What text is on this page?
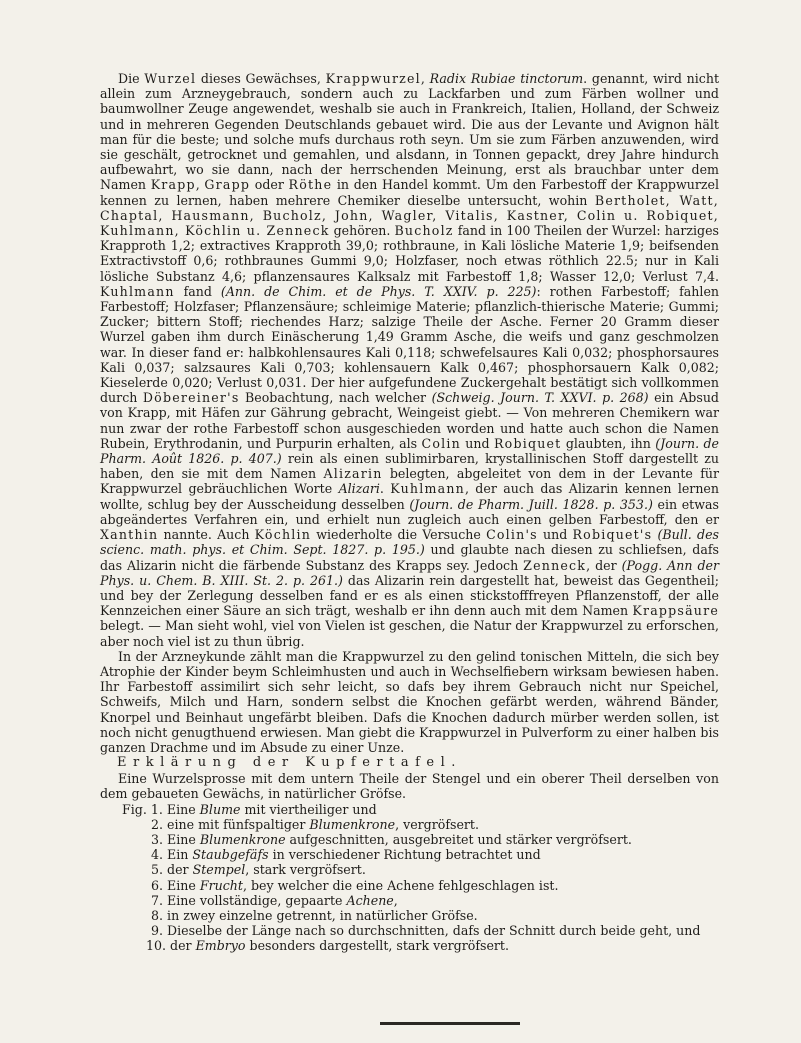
Die Wurzel dieses Gewächses, Krappwurzel, Radix Rubiae tinctorum. genannt, wird nicht allein zum Arzneygebrauch, sondern auch zu Lackfarben und zum Färben wollner und baumwollner Zeuge angewendet, weshalb sie auch in Frankreich, Italien, Holland, der Schweiz und in mehreren Gegenden Deutschlands gebauet wird. Die aus der Levante und Avignon hält man für die beste; und solche mufs durchaus roth seyn. Um sie zum Färben anzuwenden, wird sie geschält, getrocknet und gemahlen, und alsdann, in Tonnen gepackt, drey Jahre hindurch aufbewahrt, wo sie dann, nach der herrschenden Meinung, erst als brauchbar unter dem Namen Krapp, Grapp oder Röthe in den Handel kommt. Um den Farbestoff der Krappwurzel kennen zu lernen, haben mehrere Chemiker dieselbe untersucht, wohin Bertholet, Watt, Chaptal, Hausmann, Bucholz, John, Wagler, Vitalis, Kastner, Colin u. Robiquet, Kuhlmann, Köchlin u. Zenneck gehören. Bucholz fand in 100 Theilen der Wurzel: harziges Krapproth 1,2; extractives Krapproth 39,0; rothbraune, in Kali lösliche Materie 1,9; beifsenden Extractivstoff 0,6; rothbraunes Gummi 9,0; Holzfaser, noch etwas röthlich 22.5; nur in Kali lösliche Substanz 4,6; pflanzensaures Kalksalz mit Farbestoff 1,8; Wasser 12,0; Verlust 7,4. Kuhlmann fand (Ann. de Chim. et de Phys. T. XXIV. p. 225): rothen Farbestoff; fahlen Farbestoff; Holzfaser; Pflanzensäure; schleimige Materie; pflanzlich-thierische Materie; Gummi; Zucker; bittern Stoff; riechendes Harz; salzige Theile der Asche. Ferner 20 Gramm dieser Wurzel gaben ihm durch Einäscherung 1,49 Gramm Asche, die weifs und ganz geschmolzen war. In dieser fand er: halbkohlensaures Kali 0,118; schwefelsaures Kali 0,032; phosphorsaures Kali 0,037; salzsaures Kali 0,703; kohlensauern Kalk 0,467; phosphorsauern Kalk 0,082; Kieselerde 0,020; Verlust 0,031. Der hier aufgefundene Zuckergehalt bestätigt sich vollkommen durch Döbereiner's Beobachtung, nach welcher (Schweig. Journ. T. XXVI. p. 268) ein Absud von Krapp, mit Häfen zur Gährung gebracht, Weingeist giebt. — Von mehreren Chemikern war nun zwar der rothe Farbestoff schon ausgeschieden worden und hatte auch schon die Namen Rubein, Erythrodanin, und Purpurin erhalten, als Colin und Robiquet glaubten, ihn (Journ. de Pharm. Août 1826. p. 407.) rein als einen sublimirbaren, krystallinischen Stoff dargestellt zu haben, den sie mit dem Namen Alizarin belegten, abgeleitet von dem in der Levante für Krappwurzel gebräuchlichen Worte Alizari. Kuhlmann, der auch das Alizarin kennen lernen wollte, schlug bey der Ausscheidung desselben (Journ. de Pharm. Juill. 1828. p. 353.) ein etwas abgeändertes Verfahren ein, und erhielt nun zugleich auch einen gelben Farbestoff, den er Xanthin nannte. Auch Köchlin wiederholte die Versuche Colin's und Robiquet's (Bull. des scienc. math. phys. et Chim. Sept. 1827. p. 195.) und glaubte nach diesen zu schliefsen, dafs das Alizarin nicht die färbende Substanz des Krapps sey. Jedoch Zenneck, der (Pogg. Ann der Phys. u. Chem. B. XIII. St. 2. p. 261.) das Alizarin rein dargestellt hat, beweist das Gegentheil; und bey der Zerlegung desselben fand er es als einen stickstofffreyen Pflanzenstoff, der alle Kennzeichen einer Säure an sich trägt, weshalb er ihn denn auch mit dem Namen Krappsäure belegt. — Man sieht wohl, viel von Vielen ist geschen, die Natur der Krappwurzel zu erforschen, aber noch viel ist zu thun übrig.

In der Arzneykunde zählt man die Krappwurzel zu den gelind tonischen Mitteln, die sich bey Atrophie der Kinder beym Schleimhusten und auch in Wechselfiebern wirksam bewiesen haben. Ihr Farbestoff assimilirt sich sehr leicht, so dafs bey ihrem Gebrauch nicht nur Speichel, Schweifs, Milch und Harn, sondern selbst die Knochen gefärbt werden, während Bänder, Knorpel und Beinhaut ungefärbt bleiben. Dafs die Knochen dadurch mürber werden sollen, ist noch nicht genugthuend erwiesen. Man giebt die Krappwurzel in Pulverform zu einer halben bis ganzen Drachme und im Absude zu einer Unze.

Erklärung der Kupfertafel.

Eine Wurzelsprosse mit dem untern Theile der Stengel und ein oberer Theil derselben von dem gebaueten Gewächs, in natürlicher Gröfse.

Fig. 1. Eine Blume mit viertheiliger und
2. eine mit fünfspaltiger Blumenkrone, vergröfsert.
3. Eine Blumenkrone aufgeschnitten, ausgebreitet und stärker vergröfsert.
4. Ein Staubgefäfs in verschiedener Richtung betrachtet und
5. der Stempel, stark vergröfsert.
6. Eine Frucht, bey welcher die eine Achene fehlgeschlagen ist.
7. Eine vollständige, gepaarte Achene,
8. in zwey einzelne getrennt, in natürlicher Gröfse.
9. Dieselbe der Länge nach so durchschnitten, dafs der Schnitt durch beide geht, und
10. der Embryo besonders dargestellt, stark vergröfsert.
